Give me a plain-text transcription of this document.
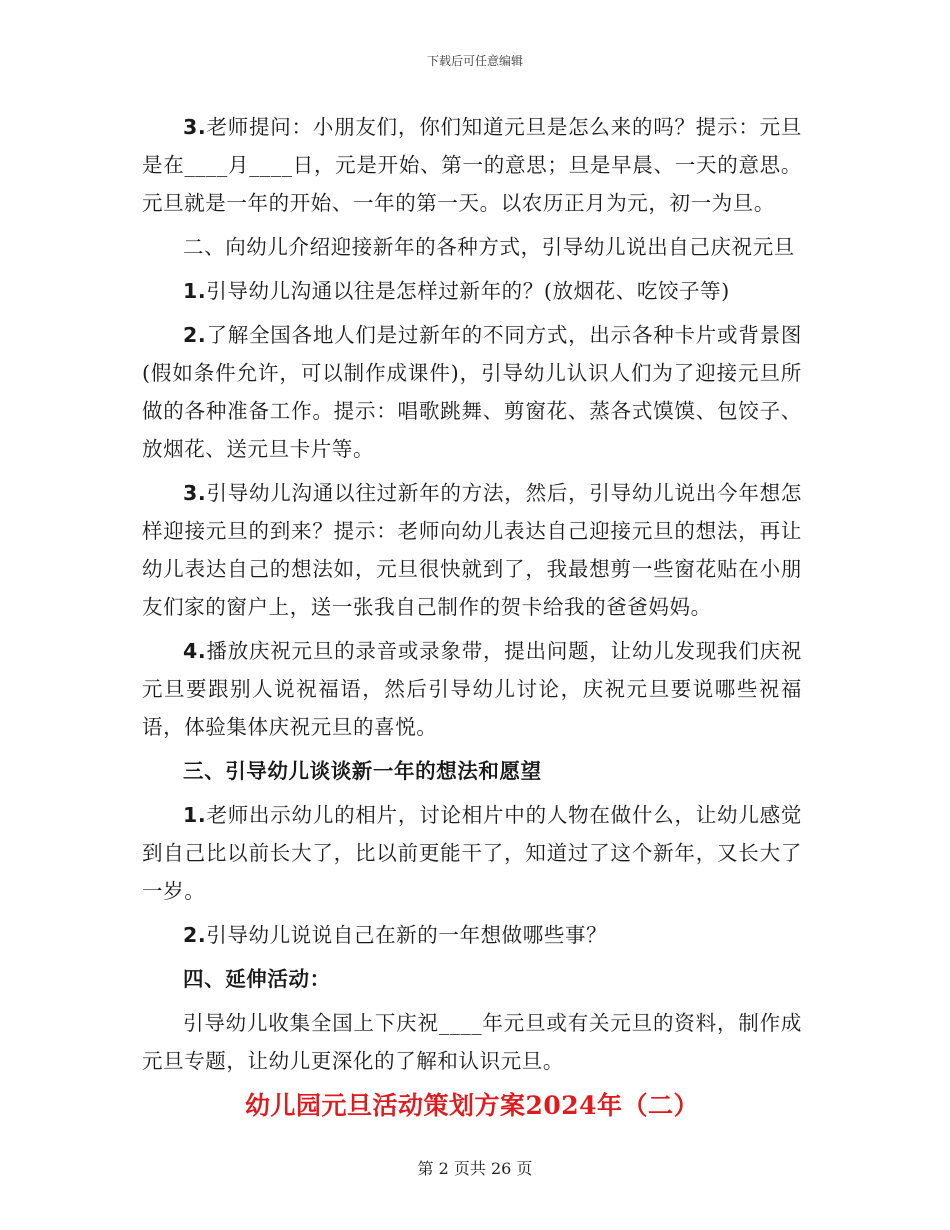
下载后可任意编辑

3.老师提问：小朋友们，你们知道元旦是怎么来的吗？提示：元旦是在____月____日，元是开始、第一的意思；旦是早晨、一天的意思。元旦就是一年的开始、一年的第一天。以农历正月为元，初一为旦。

二、向幼儿介绍迎接新年的各种方式，引导幼儿说出自己庆祝元旦

1.引导幼儿沟通以往是怎样过新年的？(放烟花、吃饺子等)

2.了解全国各地人们是过新年的不同方式，出示各种卡片或背景图(假如条件允许，可以制作成课件)，引导幼儿认识人们为了迎接元旦所做的各种准备工作。提示：唱歌跳舞、剪窗花、蒸各式馍馍、包饺子、放烟花、送元旦卡片等。

3.引导幼儿沟通以往过新年的方法，然后，引导幼儿说出今年想怎样迎接元旦的到来？提示：老师向幼儿表达自己迎接元旦的想法，再让幼儿表达自己的想法如，元旦很快就到了，我最想剪一些窗花贴在小朋友们家的窗户上，送一张我自己制作的贺卡给我的爸爸妈妈。

4.播放庆祝元旦的录音或录象带，提出问题，让幼儿发现我们庆祝元旦要跟别人说祝福语，然后引导幼儿讨论，庆祝元旦要说哪些祝福语，体验集体庆祝元旦的喜悦。

三、引导幼儿谈谈新一年的想法和愿望

1.老师出示幼儿的相片，讨论相片中的人物在做什么，让幼儿感觉到自己比以前长大了，比以前更能干了，知道过了这个新年，又长大了一岁。

2.引导幼儿说说自己在新的一年想做哪些事？

四、延伸活动：

引导幼儿收集全国上下庆祝____年元旦或有关元旦的资料，制作成元旦专题，让幼儿更深化的了解和认识元旦。

幼儿园元旦活动策划方案2024年（二）

第 2 页共 26 页
